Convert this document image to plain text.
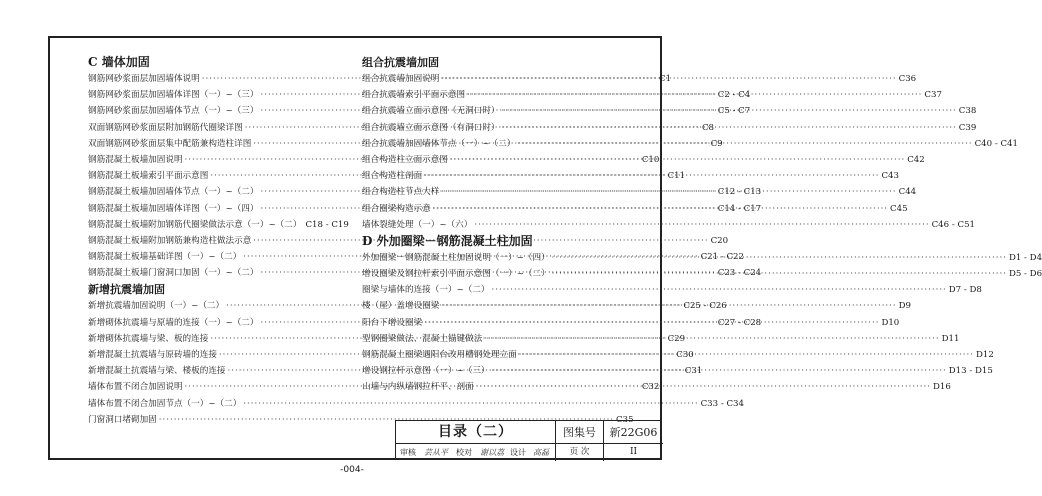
C 墙体加固
钢筋网砂浆面层加固墙体说明 ·····	C1
钢筋网砂浆面层加固墙体详图（一）~（三） ·····	C2 - C4
钢筋网砂浆面层加固墙体节点（一）~（三） ·····	C5 - C7
双面钢筋网砂浆面层附加钢筋代圈梁详图 ·····	C8
双面钢筋网砂浆面层集中配筋兼构造柱详图 ·····	C9
钢筋混凝土板墙加固说明 ·····	C10
钢筋混凝土板墙索引平面示意图 ·····	C11
钢筋混凝土板墙加固墙体节点（一）~（二） ·····	C12 - C13
钢筋混凝土板墙加固墙体详图（一）~（四） ·····	C14 - C17
钢筋混凝土板墙附加钢筋代圈梁做法示意（一）~（二） C18 - C19
钢筋混凝土板墙附加钢筋兼构造柱做法示意 ·····	C20
钢筋混凝土板墙基础详图（一）~（二） ·····	C21 - C22
钢筋混凝土板墙门窗洞口加固（一）~（二） ·····	C23 - C24
新增抗震墙加固
新增抗震墙加固说明（一）~（二） ·····	C25 - C26
新增砌体抗震墙与原墙的连接（一）~（二） ·····	C27 - C28
新增砌体抗震墙与梁、板的连接 ·····	C29
新增混凝土抗震墙与原砖墙的连接 ·····	C30
新增混凝土抗震墙与梁、楼板的连接 ·····	C31
墙体布置不闭合加固说明 ·····	C32
墙体布置不闭合加固节点（一）~（二） ·····	C33 - C34
门窗洞口堵砌加固 ·····	C35
组合抗震墙加固
组合抗震墙加固说明 ·····	C36
组合抗震墙索引平面示意图 ·····	C37
组合抗震墙立面示意图（无洞口时） ·····	C38
组合抗震墙立面示意图（有洞口时） ·····	C39
组合抗震墙加固墙体节点（一）~（二） ·····	C40 - C41
组合构造柱立面示意图 ·····	C42
组合构造柱剖面 ·····	C43
组合构造柱节点大样 ·····	C44
组合圈梁构造示意 ·····	C45
墙体裂缝处理（一）~（六） ·····	C46 - C51
D 外加圈梁－钢筋混凝土柱加固
外加圈梁－钢筋混凝土柱加固说明（一）~（四） ·····	D1 - D4
增设圈梁及钢拉杆索引平面示意图（一）~（二） ·····	D5 - D6
圈梁与墙体的连接（一）~（二） ·····	D7 - D8
楼（屋）盖增设圈梁 ·····	D9
阳台下增设圈梁 ·····	D10
型钢圈梁做法、混凝土锚键做法 ·····	D11
钢筋混凝土圈梁遇阳台改用槽钢处理立面 ·····	D12
增设钢拉杆示意图（一）~（三） ·····	D13 - D15
山墙与内纵墙钢拉杆平、剖面 ·····	D16
目录（二）	图集号	新22G06
审核 芸从平 校对 谢以荔 设计 高磊	页 次	II
-004-
